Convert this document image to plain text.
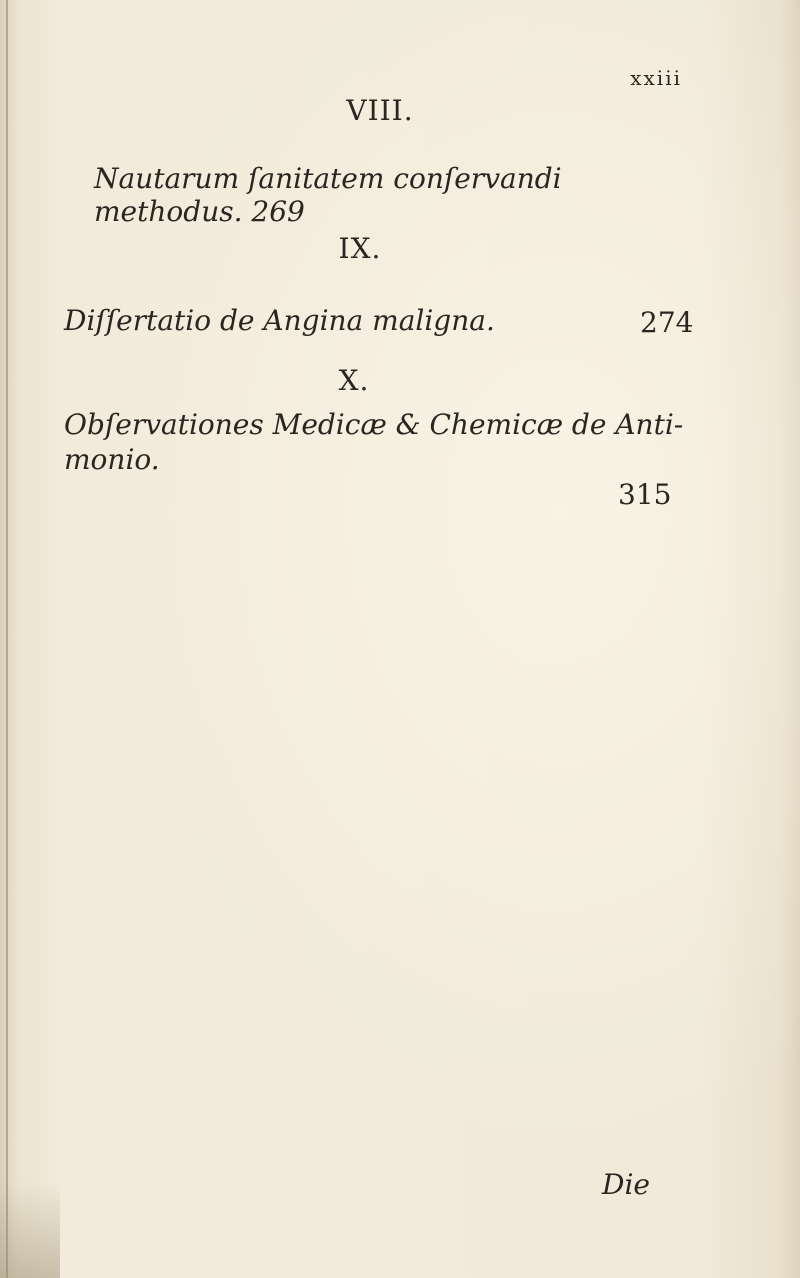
xxiii
VIII.
Nautarum ſanitatem conſervandi methodus. 269
IX.
Diſſertatio de Angina maligna.	274
X.
Obſervationes Medicæ & Chemicæ de Anti-
monio.
315
Die
